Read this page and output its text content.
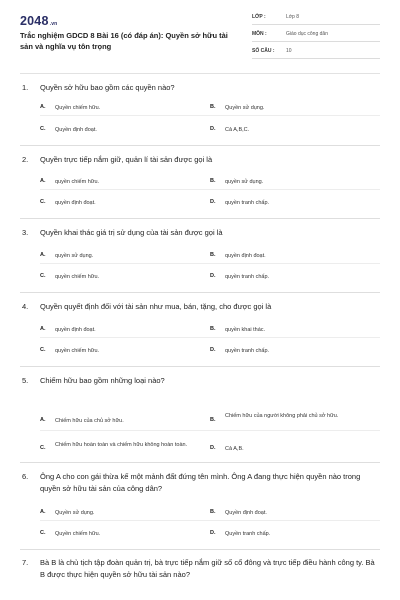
2048.vn
Trắc nghiệm GDCD 8 Bài 16 (có đáp án): Quyền sở hữu tài sản và nghĩa vụ tôn trọng
LỚP :	Lớp 8
MÔN :	Giáo dục công dân
SỐ CÂU : 10
1.	Quyền sở hữu bao gồm các quyền nào?
A. Quyền chiếm hữu.	B. Quyền sử dụng.
C. Quyền định đoạt.	D. Cả A,B,C.
2.	Quyền trực tiếp nắm giữ, quản lí tài sản được gọi là
A. quyền chiếm hữu.	B. quyền sử dụng.
C. quyền định đoạt.	D. quyền tranh chấp.
3.	Quyền khai thác giá trị sử dụng của tài sản được gọi là
A. quyền sử dụng.	B. quyền định đoạt.
C. quyền chiếm hữu.	D. quyền tranh chấp.
4.	Quyền quyết định đối với tài sản như mua, bán, tặng, cho được gọi là
A. quyền định đoạt.	B. quyền khai thác.
C. quyền chiếm hữu.	D. quyền tranh chấp.
5.	Chiếm hữu bao gồm những loại nào?
A. Chiếm hữu của chủ sở hữu.	B.
Chiếm hữu của người không phải chủ sở hữu.
C. Chiếm hữu hoàn toàn và chiếm hữu không hoàn toàn.	D. Cả A,B.
6.	Ông A cho con gái thừa kế một mảnh đất đứng tên mình. Ông A đang thực hiện quyền nào trong quyền sở hữu tài sản của công dân?
A. Quyền sử dụng.	B. Quyền định đoạt.
C. Quyền chiếm hữu.	D. Quyền tranh chấp.
7.	Bà B là chủ tịch tập đoàn quản trị, bà trực tiếp nắm giữ số cổ đông và trực tiếp điều hành công ty. Bà B được thực hiện quyền sở hữu tài sản nào?
